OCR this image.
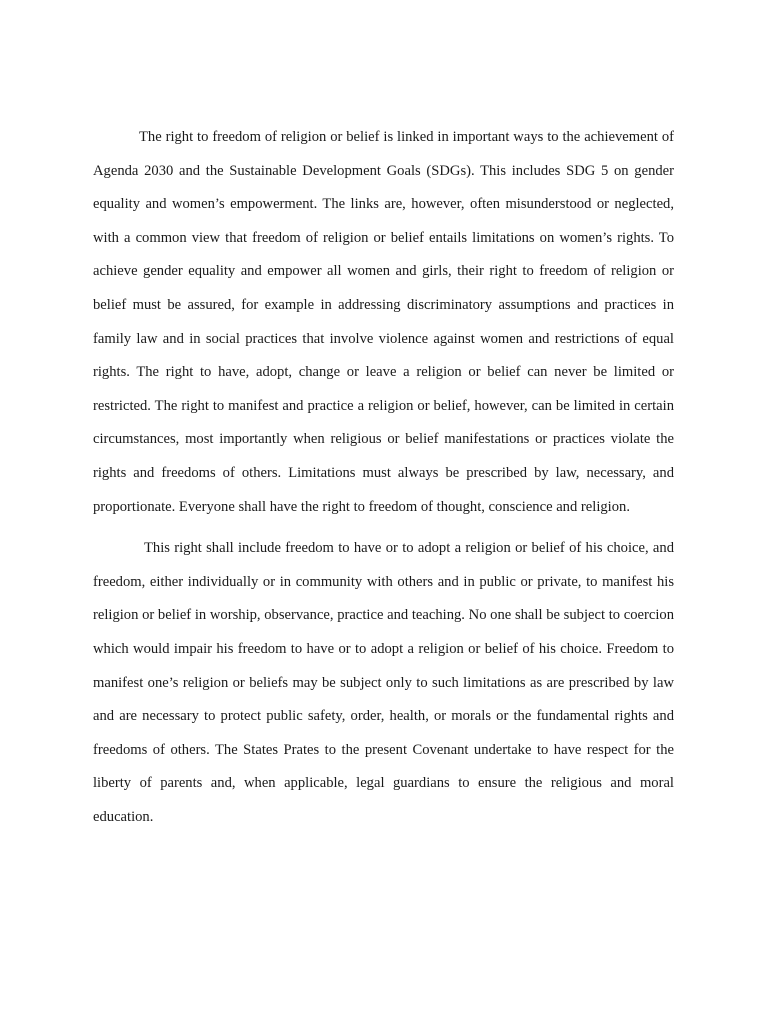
The right to freedom of religion or belief is linked in important ways to the achievement of Agenda 2030 and the Sustainable Development Goals (SDGs). This includes SDG 5 on gender equality and women’s empowerment. The links are, however, often misunderstood or neglected, with a common view that freedom of religion or belief entails limitations on women’s rights. To achieve gender equality and empower all women and girls, their right to freedom of religion or belief must be assured, for example in addressing discriminatory assumptions and practices in family law and in social practices that involve violence against women and restrictions of equal rights. The right to have, adopt, change or leave a religion or belief can never be limited or restricted. The right to manifest and practice a religion or belief, however, can be limited in certain circumstances, most importantly when religious or belief manifestations or practices violate the rights and freedoms of others. Limitations must always be prescribed by law, necessary, and proportionate. Everyone shall have the right to freedom of thought, conscience and religion.

This right shall include freedom to have or to adopt a religion or belief of his choice, and freedom, either individually or in community with others and in public or private, to manifest his religion or belief in worship, observance, practice and teaching. No one shall be subject to coercion which would impair his freedom to have or to adopt a religion or belief of his choice. Freedom to manifest one’s religion or beliefs may be subject only to such limitations as are prescribed by law and are necessary to protect public safety, order, health, or morals or the fundamental rights and freedoms of others. The States Prates to the present Covenant undertake to have respect for the liberty of parents and, when applicable, legal guardians to ensure the religious and moral education.
